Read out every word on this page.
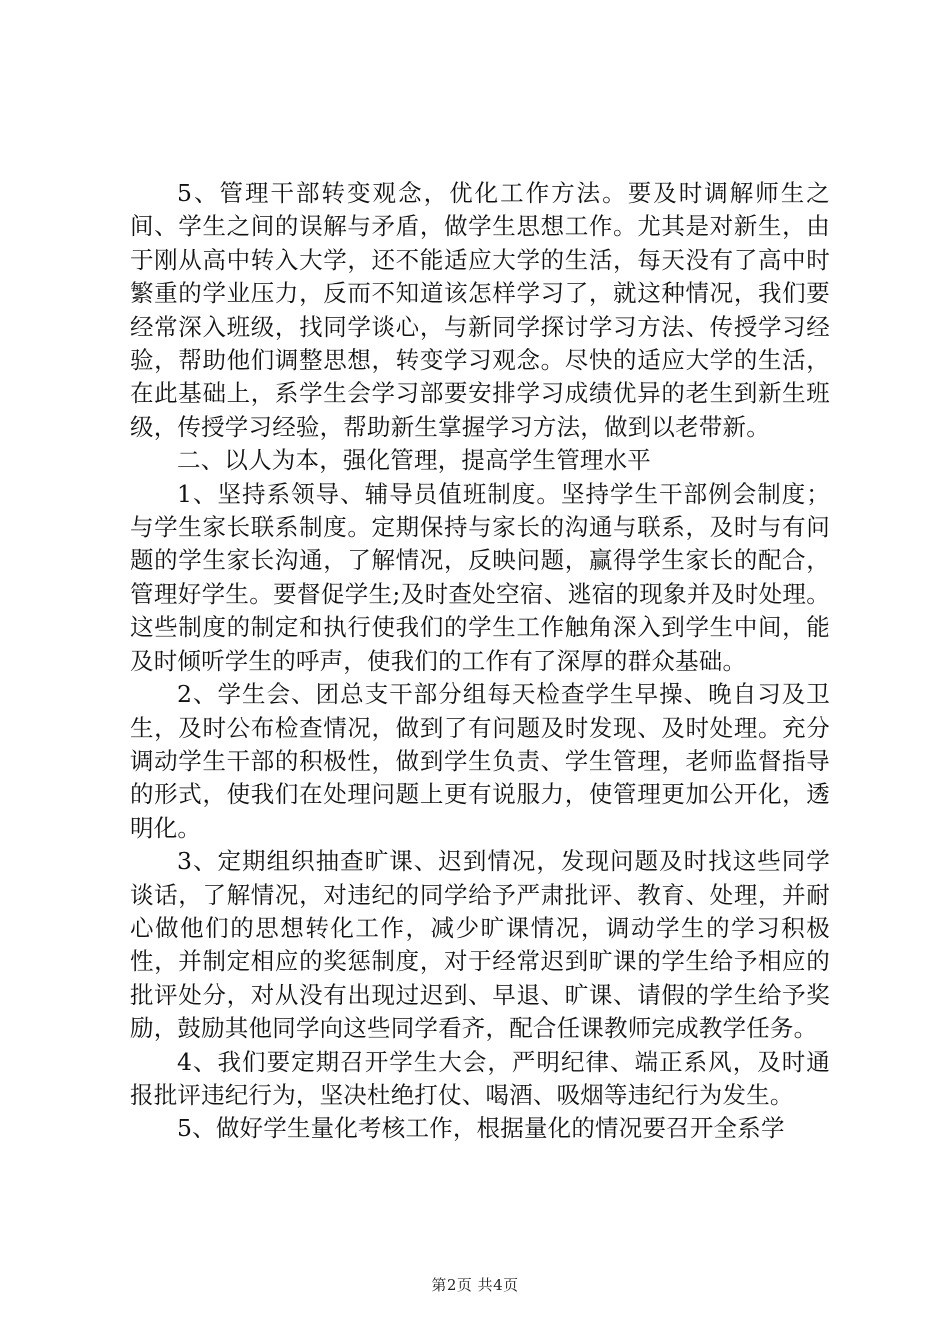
5、管理干部转变观念，优化工作方法。要及时调解师生之间、学生之间的误解与矛盾，做学生思想工作。尤其是对新生，由于刚从高中转入大学，还不能适应大学的生活，每天没有了高中时繁重的学业压力，反而不知道该怎样学习了，就这种情况，我们要经常深入班级，找同学谈心，与新同学探讨学习方法、传授学习经验，帮助他们调整思想，转变学习观念。尽快的适应大学的生活，在此基础上，系学生会学习部要安排学习成绩优异的老生到新生班级，传授学习经验，帮助新生掌握学习方法，做到以老带新。

二、以人为本，强化管理，提高学生管理水平

1、坚持系领导、辅导员值班制度。坚持学生干部例会制度；与学生家长联系制度。定期保持与家长的沟通与联系，及时与有问题的学生家长沟通，了解情况，反映问题，赢得学生家长的配合，管理好学生。要督促学生;及时查处空宿、逃宿的现象并及时处理。这些制度的制定和执行使我们的学生工作触角深入到学生中间，能及时倾听学生的呼声，使我们的工作有了深厚的群众基础。

2、学生会、团总支干部分组每天检查学生早操、晚自习及卫生，及时公布检查情况，做到了有问题及时发现、及时处理。充分调动学生干部的积极性，做到学生负责、学生管理，老师监督指导的形式，使我们在处理问题上更有说服力，使管理更加公开化，透明化。

3、定期组织抽查旷课、迟到情况，发现问题及时找这些同学谈话，了解情况，对违纪的同学给予严肃批评、教育、处理，并耐心做他们的思想转化工作，减少旷课情况，调动学生的学习积极性，并制定相应的奖惩制度，对于经常迟到旷课的学生给予相应的批评处分，对从没有出现过迟到、早退、旷课、请假的学生给予奖励，鼓励其他同学向这些同学看齐，配合任课教师完成教学任务。

4、我们要定期召开学生大会，严明纪律、端正系风，及时通报批评违纪行为，坚决杜绝打仗、喝酒、吸烟等违纪行为发生。

5、做好学生量化考核工作，根据量化的情况要召开全系学

第2页 共4页
